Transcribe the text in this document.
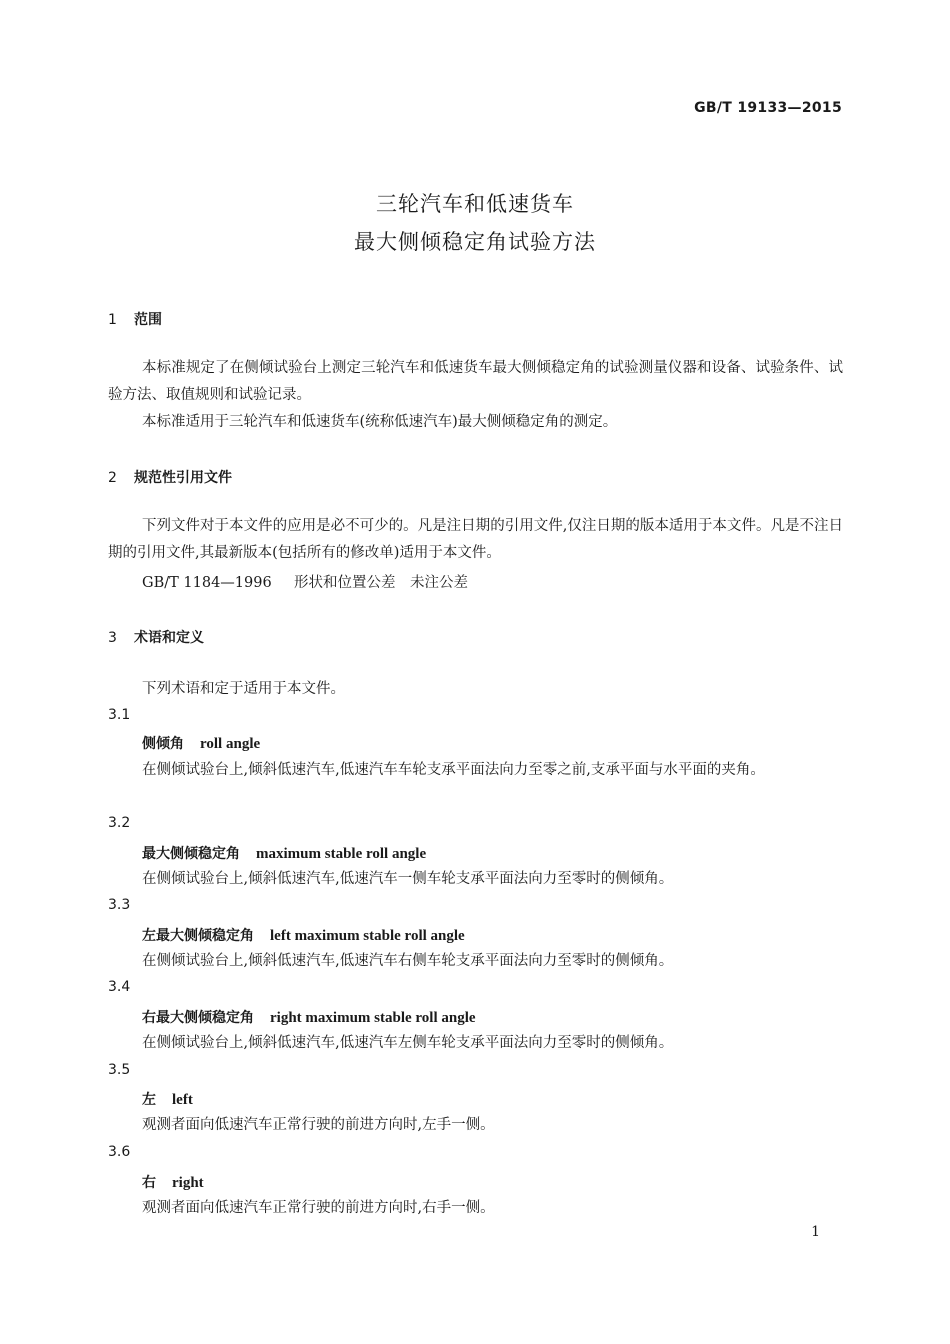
GB/T 19133—2015
三轮汽车和低速货车
最大侧倾稳定角试验方法
1 范围
本标准规定了在侧倾试验台上测定三轮汽车和低速货车最大侧倾稳定角的试验测量仪器和设备、试验条件、试验方法、取值规则和试验记录。
本标准适用于三轮汽车和低速货车(统称低速汽车)最大侧倾稳定角的测定。
2 规范性引用文件
下列文件对于本文件的应用是必不可少的。凡是注日期的引用文件,仅注日期的版本适用于本文件。凡是不注日期的引用文件,其最新版本(包括所有的修改单)适用于本文件。
GB/T 1184—1996 形状和位置公差　未注公差
3 术语和定义
下列术语和定于适用于本文件。
3.1
侧倾角 roll angle
在侧倾试验台上,倾斜低速汽车,低速汽车车轮支承平面法向力至零之前,支承平面与水平面的夹角。
3.2
最大侧倾稳定角 maximum stable roll angle
在侧倾试验台上,倾斜低速汽车,低速汽车一侧车轮支承平面法向力至零时的侧倾角。
3.3
左最大侧倾稳定角 left maximum stable roll angle
在侧倾试验台上,倾斜低速汽车,低速汽车右侧车轮支承平面法向力至零时的侧倾角。
3.4
右最大侧倾稳定角 right maximum stable roll angle
在侧倾试验台上,倾斜低速汽车,低速汽车左侧车轮支承平面法向力至零时的侧倾角。
3.5
左 left
观测者面向低速汽车正常行驶的前进方向时,左手一侧。
3.6
右 right
观测者面向低速汽车正常行驶的前进方向时,右手一侧。
1
